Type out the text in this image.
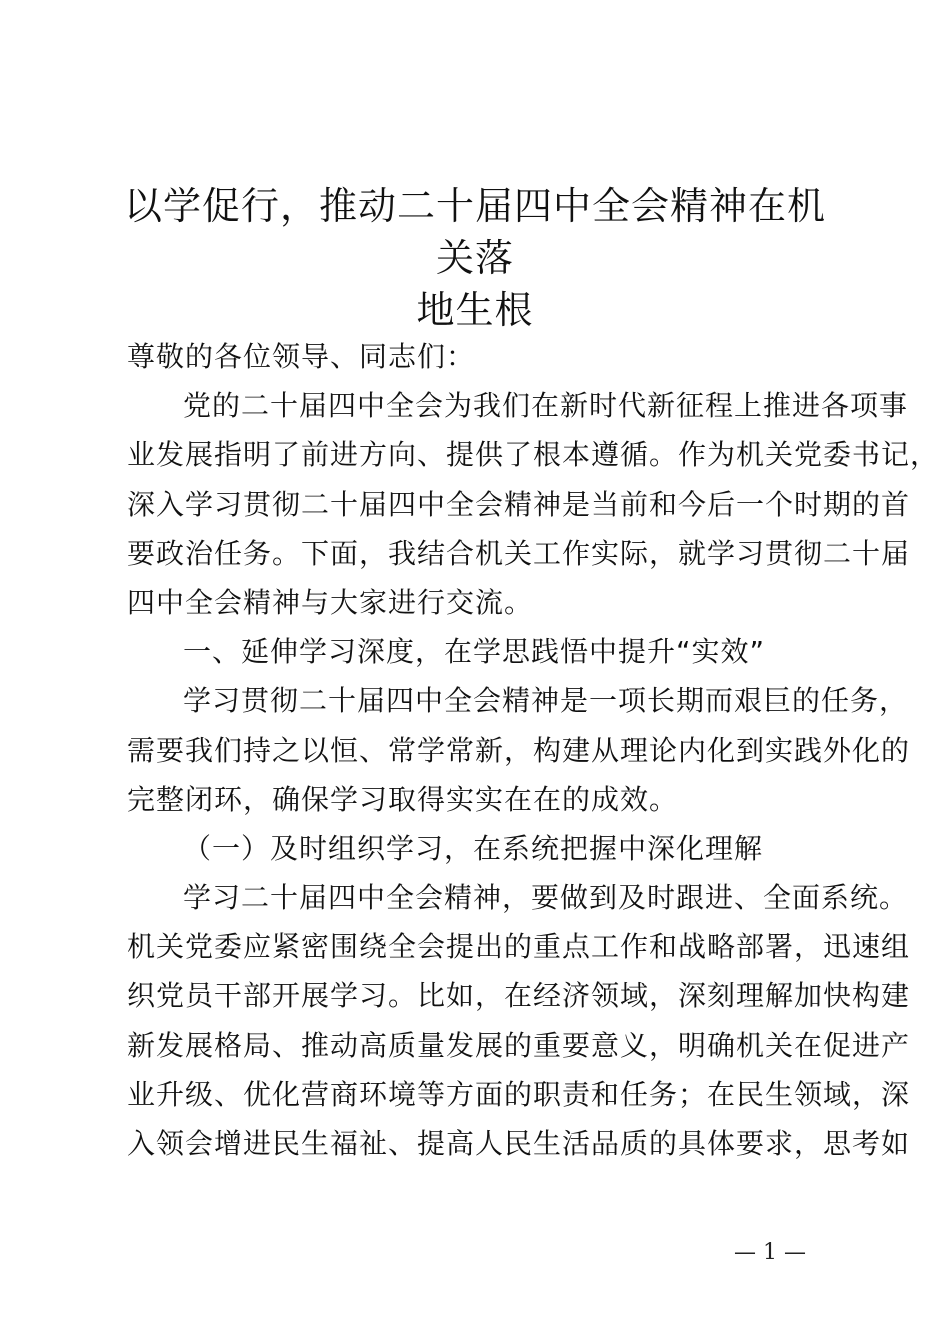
以学促行，推动二十届四中全会精神在机关落
地生根
尊敬的各位领导、同志们：
党的二十届四中全会为我们在新时代新征程上推进各项事
业发展指明了前进方向、提供了根本遵循。作为机关党委书记，
深入学习贯彻二十届四中全会精神是当前和今后一个时期的首
要政治任务。下面，我结合机关工作实际，就学习贯彻二十届
四中全会精神与大家进行交流。
一、延伸学习深度，在学思践悟中提升“实效”
学习贯彻二十届四中全会精神是一项长期而艰巨的任务，
需要我们持之以恒、常学常新，构建从理论内化到实践外化的
完整闭环，确保学习取得实实在在的成效。
（一）及时组织学习，在系统把握中深化理解
学习二十届四中全会精神，要做到及时跟进、全面系统。
机关党委应紧密围绕全会提出的重点工作和战略部署，迅速组
织党员干部开展学习。比如，在经济领域，深刻理解加快构建
新发展格局、推动高质量发展的重要意义，明确机关在促进产
业升级、优化营商环境等方面的职责和任务；在民生领域，深
入领会增进民生福祉、提高人民生活品质的具体要求，思考如
— 1 —
